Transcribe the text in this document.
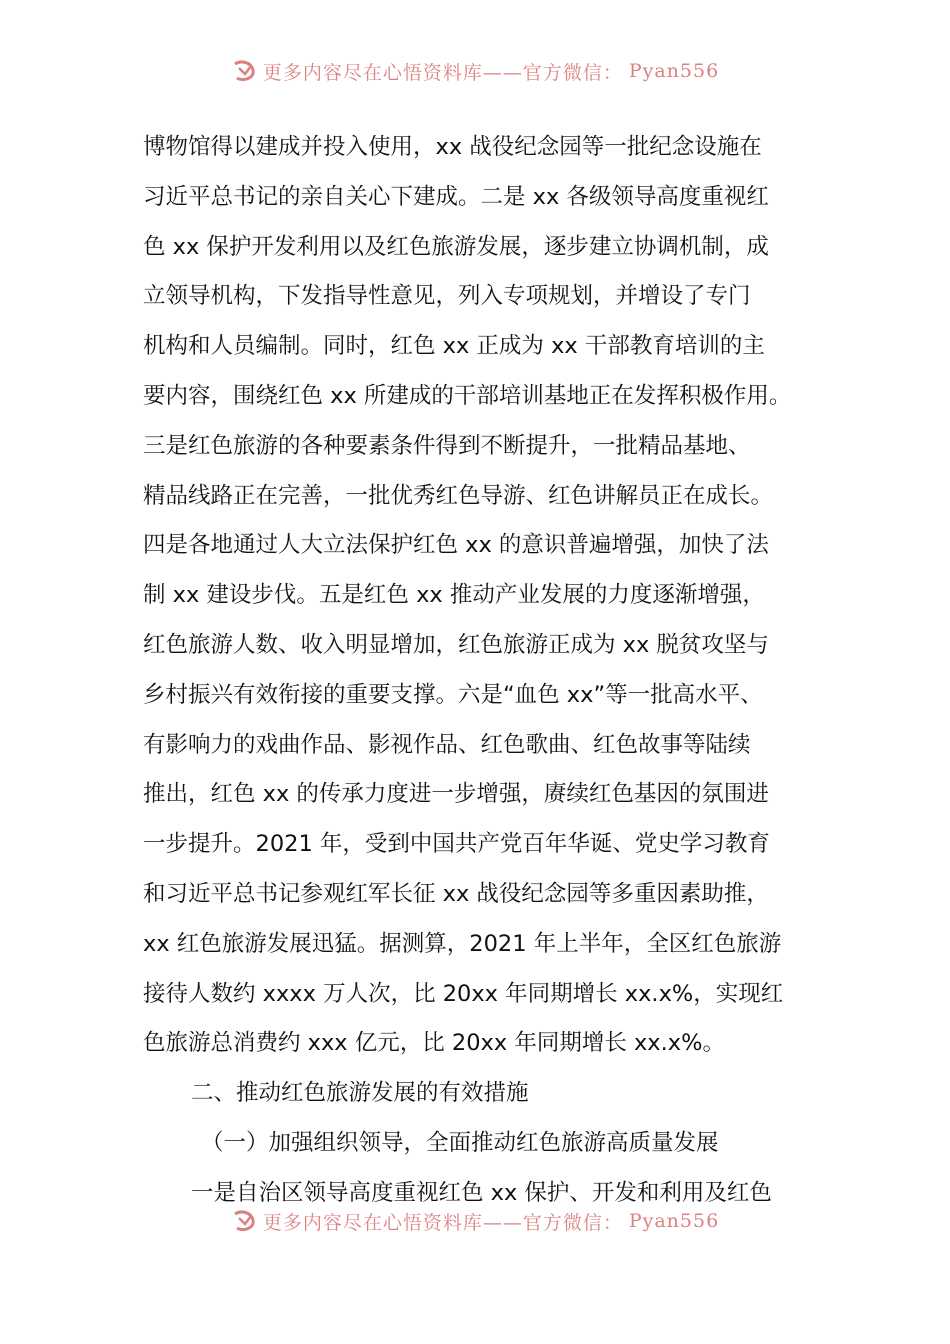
更多内容尽在心悟资料库——官方微信： Pyan556
博物馆得以建成并投入使用，xx 战役纪念园等一批纪念设施在
习近平总书记的亲自关心下建成。二是 xx 各级领导高度重视红
色 xx 保护开发利用以及红色旅游发展，逐步建立协调机制，成
立领导机构，下发指导性意见，列入专项规划，并增设了专门
机构和人员编制。同时，红色 xx 正成为 xx 干部教育培训的主
要内容，围绕红色 xx 所建成的干部培训基地正在发挥积极作用。
三是红色旅游的各种要素条件得到不断提升，一批精品基地、
精品线路正在完善，一批优秀红色导游、红色讲解员正在成长。
四是各地通过人大立法保护红色 xx 的意识普遍增强，加快了法
制 xx 建设步伐。五是红色 xx 推动产业发展的力度逐渐增强，
红色旅游人数、收入明显增加，红色旅游正成为 xx 脱贫攻坚与
乡村振兴有效衔接的重要支撑。六是“血色 xx”等一批高水平、
有影响力的戏曲作品、影视作品、红色歌曲、红色故事等陆续
推出，红色 xx 的传承力度进一步增强，赓续红色基因的氛围进
一步提升。2021 年，受到中国共产党百年华诞、党史学习教育
和习近平总书记参观红军长征 xx 战役纪念园等多重因素助推，
xx 红色旅游发展迅猛。据测算，2021 年上半年，全区红色旅游
接待人数约 xxxx 万人次，比 20xx 年同期增长 xx.x%，实现红
色旅游总消费约 xxx 亿元，比 20xx 年同期增长 xx.x%。
二、推动红色旅游发展的有效措施
（一）加强组织领导，全面推动红色旅游高质量发展
一是自治区领导高度重视红色 xx 保护、开发和利用及红色
更多内容尽在心悟资料库——官方微信： Pyan556
